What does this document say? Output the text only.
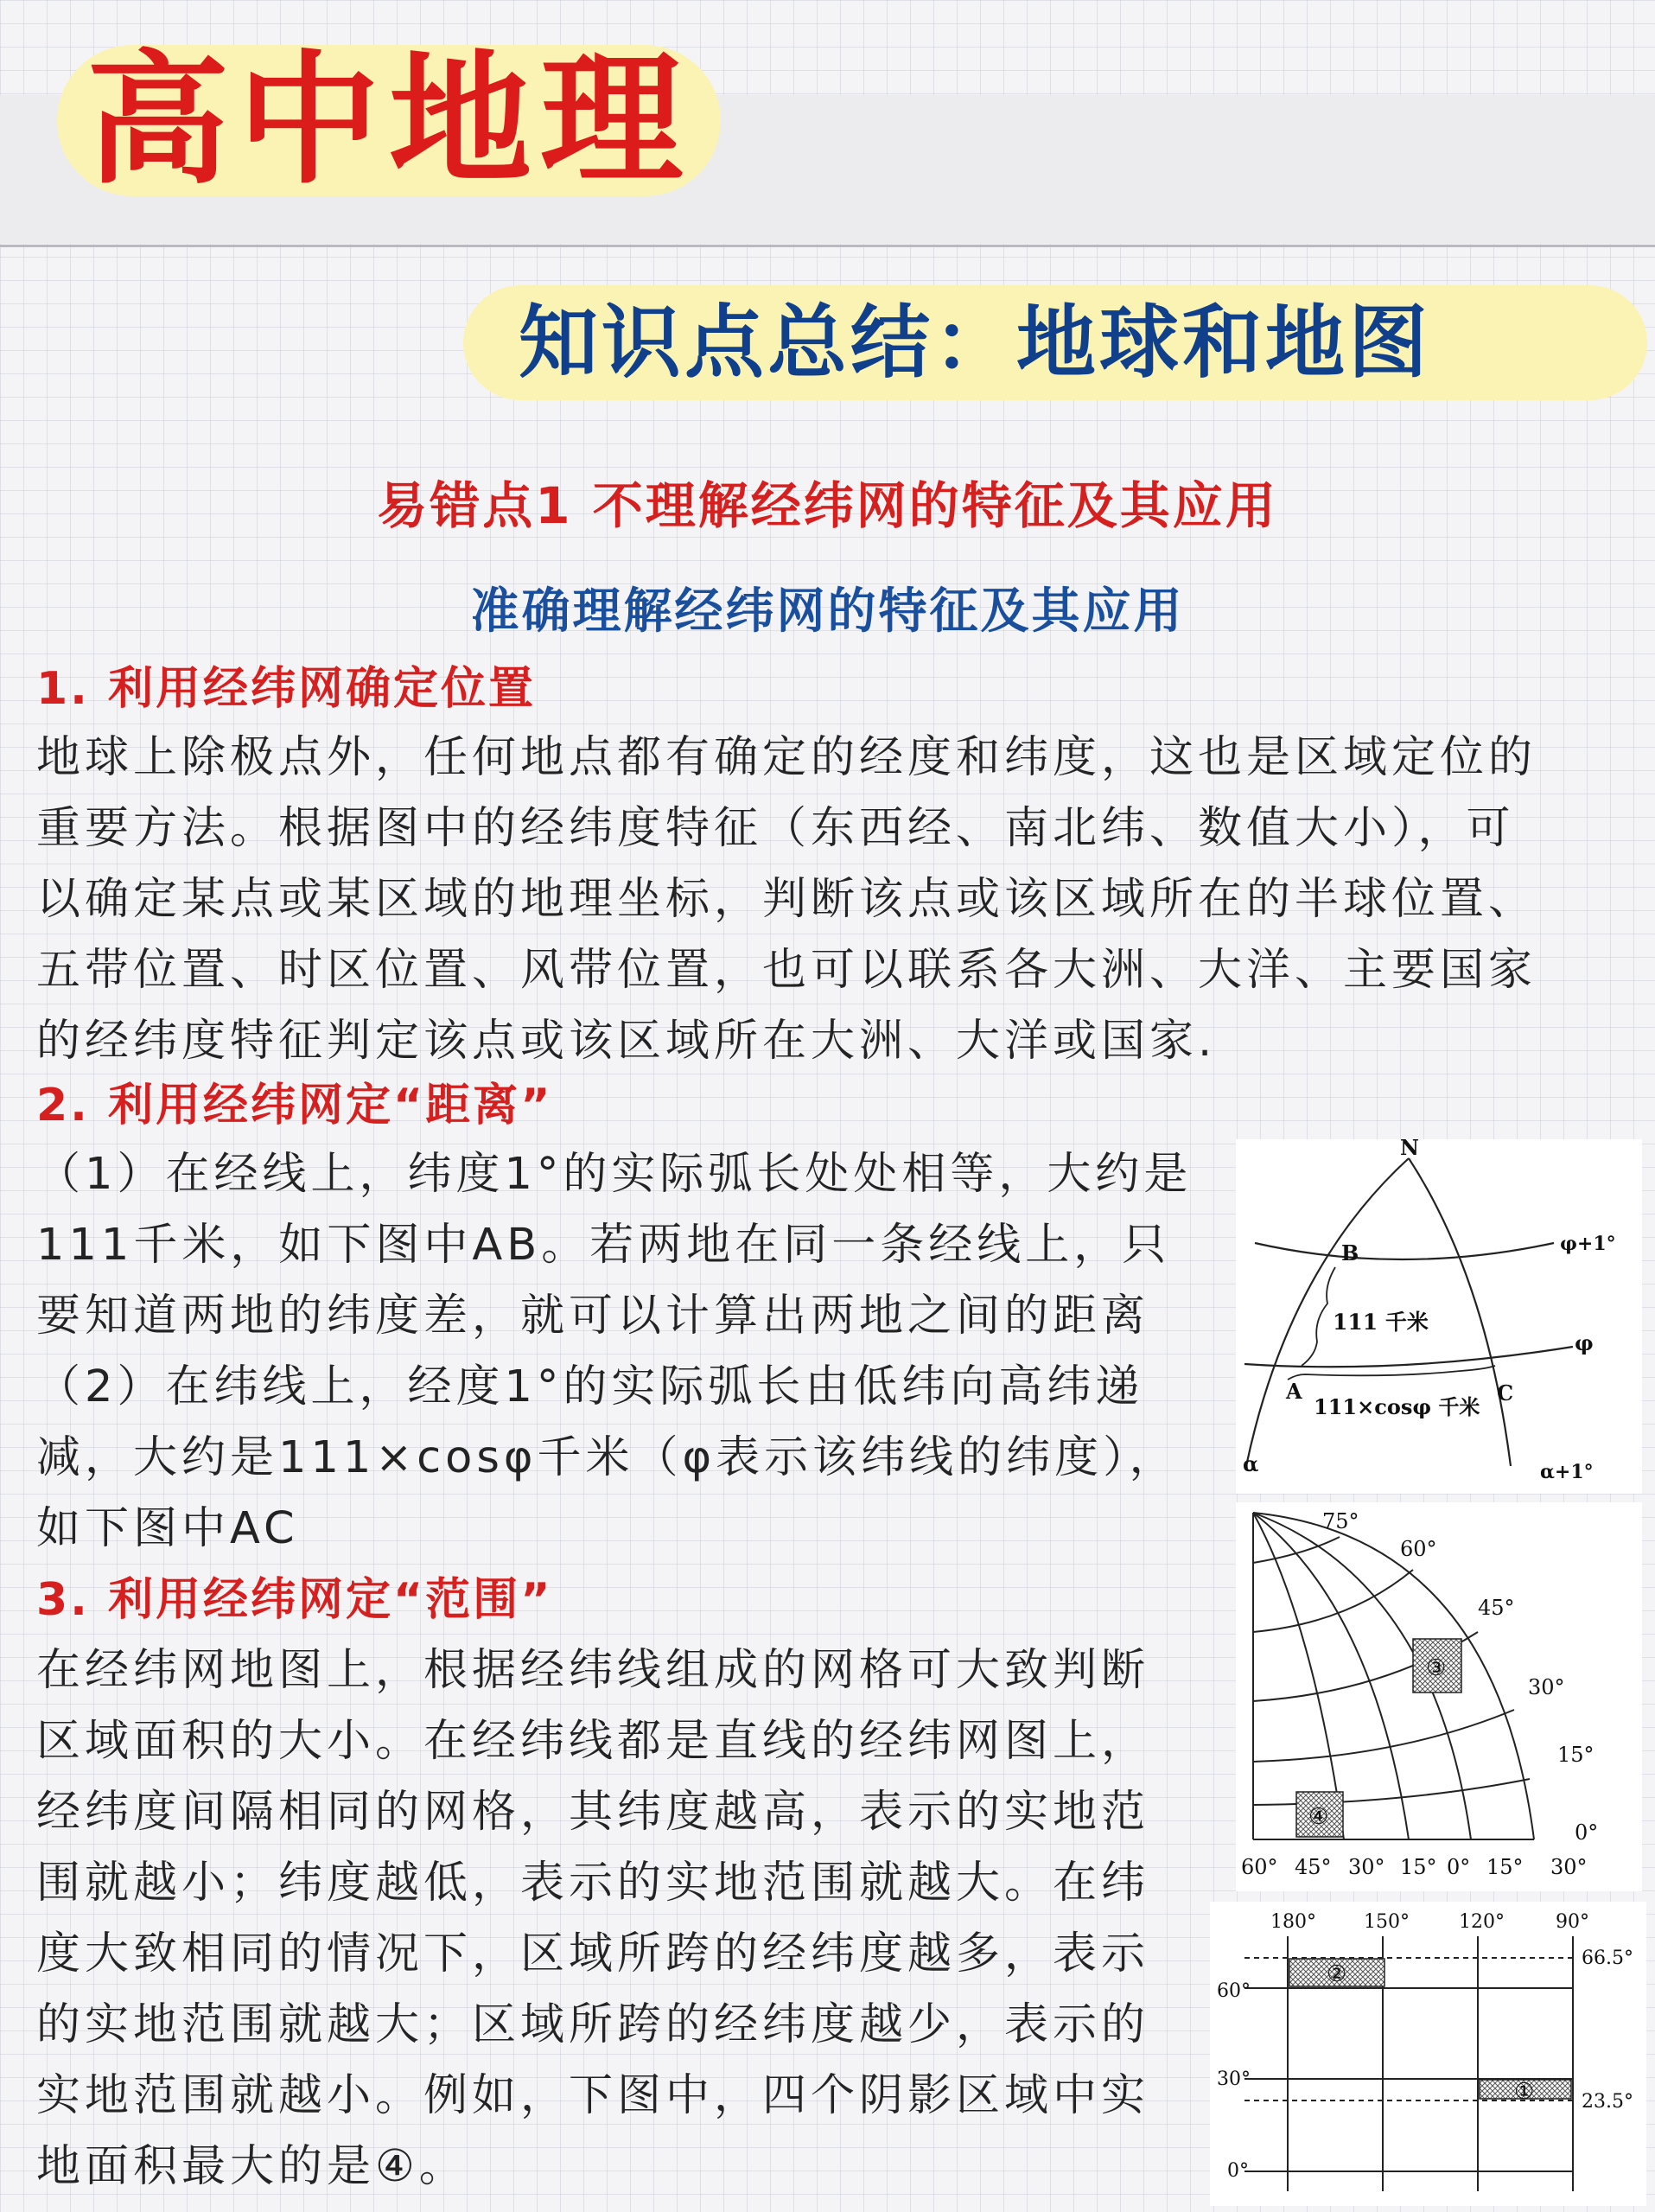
高中地理
知识点总结：地球和地图
易错点1 不理解经纬网的特征及其应用
准确理解经纬网的特征及其应用
1. 利用经纬网确定位置
地球上除极点外，任何地点都有确定的经度和纬度，这也是区域定位的
重要方法。根据图中的经纬度特征（东西经、南北纬、数值大小），可
以确定某点或某区域的地理坐标，判断该点或该区域所在的半球位置、
五带位置、时区位置、风带位置，也可以联系各大洲、大洋、主要国家
的经纬度特征判定该点或该区域所在大洲、大洋或国家.
2. 利用经纬网定“距离”
（1）在经线上，纬度1°的实际弧长处处相等，大约是
111千米，如下图中AB。若两地在同一条经线上，只
要知道两地的纬度差，就可以计算出两地之间的距离
（2）在纬线上，经度1°的实际弧长由低纬向高纬递
减，大约是111×cosφ千米（φ表示该纬线的纬度），
如下图中AC
3. 利用经纬网定“范围”
在经纬网地图上，根据经纬线组成的网格可大致判断
区域面积的大小。在经纬线都是直线的经纬网图上，
经纬度间隔相同的网格，其纬度越高，表示的实地范
围就越小；纬度越低，表示的实地范围就越大。在纬
度大致相同的情况下，区域所跨的经纬度越多，表示
的实地范围就越大；区域所跨的经纬度越少，表示的
实地范围就越小。例如，下图中，四个阴影区域中实
地面积最大的是④。
N
B
A	C
φ+1°
φ
111 千米
111×cosφ 千米
α	α+1°
③
④
75°
60°
45°
30°
15°
0°
60° 45° 30° 15° 0° 15° 30°
②
①
180°	150°	120°	90°
60°
30°
0°
66.5°
23.5°
